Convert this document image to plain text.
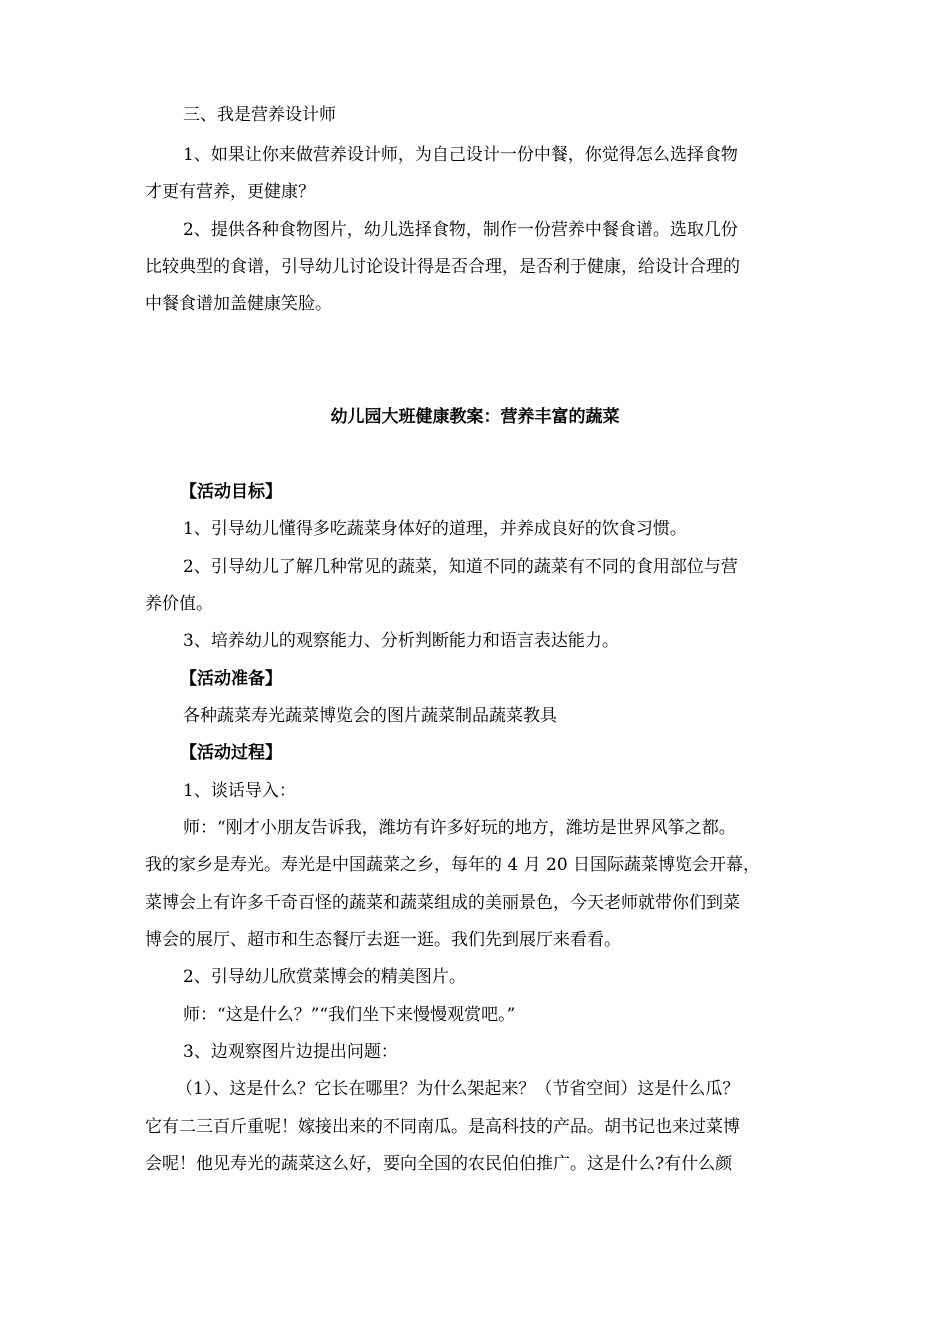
三、我是营养设计师
1、如果让你来做营养设计师，为自己设计一份中餐，你觉得怎么选择食物
才更有营养，更健康？
2、提供各种食物图片，幼儿选择食物，制作一份营养中餐食谱。选取几份
比较典型的食谱，引导幼儿讨论设计得是否合理，是否利于健康，给设计合理的
中餐食谱加盖健康笑脸。
幼儿园大班健康教案：营养丰富的蔬菜
【活动目标】
1、引导幼儿懂得多吃蔬菜身体好的道理，并养成良好的饮食习惯。
2、引导幼儿了解几种常见的蔬菜，知道不同的蔬菜有不同的食用部位与营
养价值。
3、培养幼儿的观察能力、分析判断能力和语言表达能力。
【活动准备】
各种蔬菜寿光蔬菜博览会的图片蔬菜制品蔬菜教具
【活动过程】
1、谈话导入：
师：“刚才小朋友告诉我，潍坊有许多好玩的地方，潍坊是世界风筝之都。
我的家乡是寿光。寿光是中国蔬菜之乡，每年的 4 月 20 日国际蔬菜博览会开幕，
菜博会上有许多千奇百怪的蔬菜和蔬菜组成的美丽景色，今天老师就带你们到菜
博会的展厅、超市和生态餐厅去逛一逛。我们先到展厅来看看。
2、引导幼儿欣赏菜博会的精美图片。
师：“这是什么？”“我们坐下来慢慢观赏吧。”
3、边观察图片边提出问题：
（1）、这是什么？它长在哪里？为什么架起来？（节省空间）这是什么瓜？
它有二三百斤重呢！嫁接出来的不同南瓜。是高科技的产品。胡书记也来过菜博
会呢！他见寿光的蔬菜这么好，要向全国的农民伯伯推广。这是什么?有什么颜
